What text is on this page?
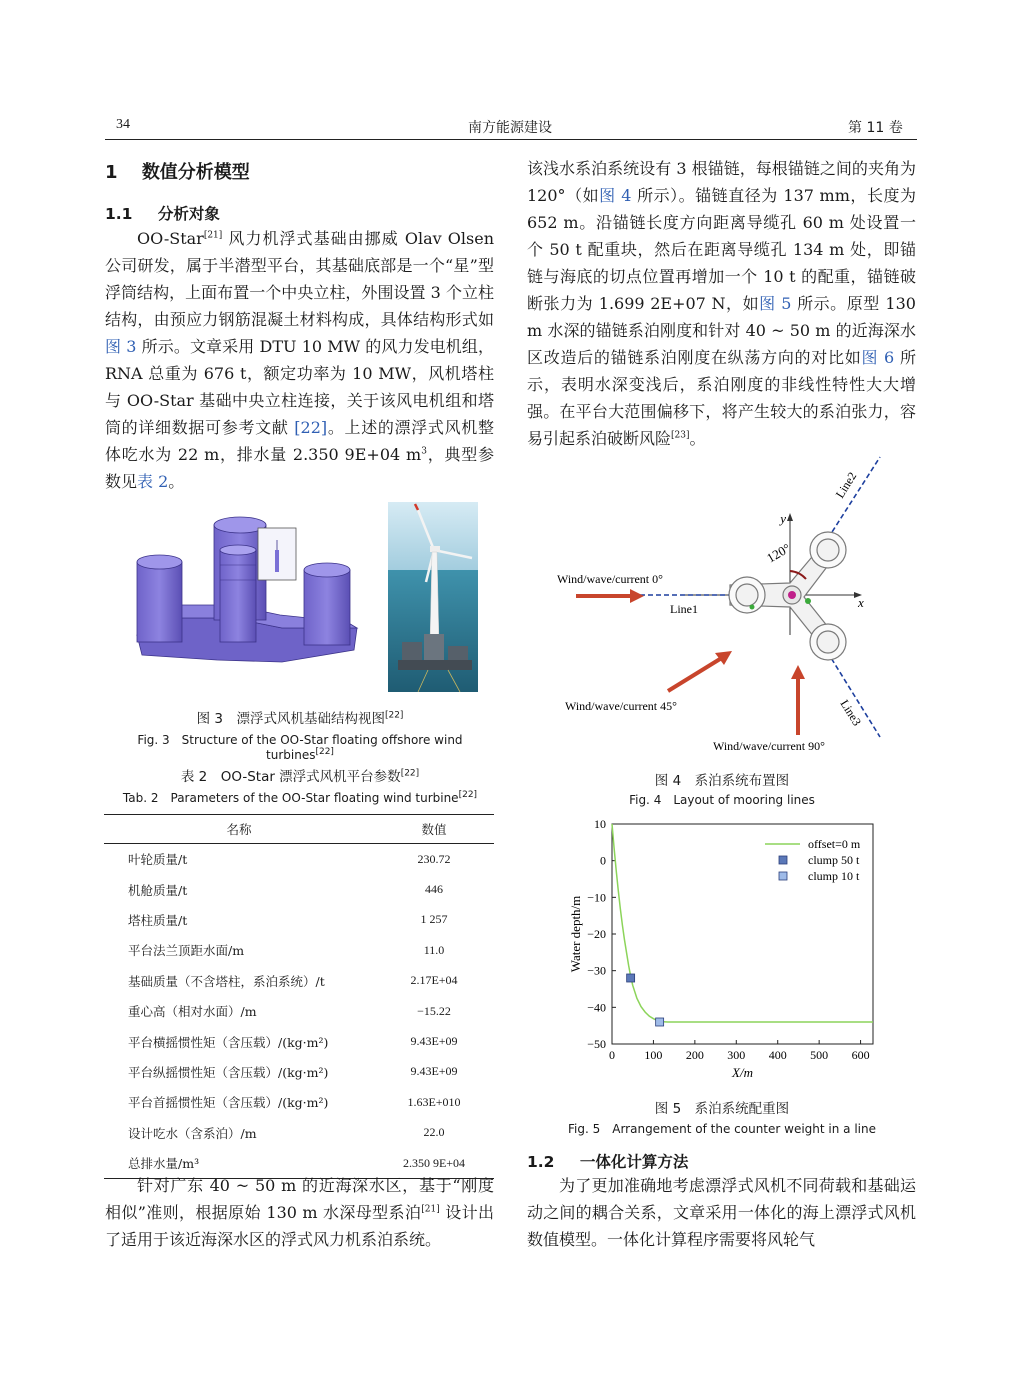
34	南方能源建设	第 11 卷
1 数值分析模型
1.1 分析对象

OO-Star[21] 风力机浮式基础由挪威 Olav Olsen 公司研发，属于半潜型平台，其基础底部是一个“星”型浮筒结构，上面布置一个中央立柱，外围设置 3 个立柱结构，由预应力钢筋混凝土材料构成，具体结构形式如图 3 所示。文章采用 DTU 10 MW 的风力发电机组，RNA 总重为 676 t，额定功率为 10 MW，风机塔柱与 OO-Star 基础中央立柱连接，关于该风电机组和塔筒的详细数据可参考文献 [22]。上述的漂浮式风机整体吃水为 22 m，排水量 2.350 9E+04 $m^3$，典型参数见表 2。

图 3　漂浮式风机基础结构视图[22]
Fig. 3　Structure of the OO-Star floating offshore wind turbines[22]
表 2　OO-Star 漂浮式风机平台参数[22]
Tab. 2　Parameters of the OO-Star floating wind turbine[22]
名称	数值
叶轮质量/t	230.72
机舱质量/t	446
塔柱质量/t	1 257
平台法兰顶距水面/m	11.0
基础质量（不含塔柱，系泊系统）/t	2.17E+04
重心高（相对水面）/m	−15.22
平台横摇惯性矩（含压载）/(kg·m²)	9.43E+09
平台纵摇惯性矩（含压载）/(kg·m²)	9.43E+09
平台首摇惯性矩（含压载）/(kg·m²)	1.63E+010
设计吃水（含系泊）/m	22.0
总排水量/m³	2.350 9E+04

针对广东 40 ~ 50 m 的近海深水区，基于“刚度相似”准则，根据原始 130 m 水深母型系泊[21] 设计出了适用于该近海深水区的浮式风力机系泊系统。

该浅水系泊系统设有 3 根锚链，每根锚链之间的夹角为 120°（如图 4 所示）。锚链直径为 137 mm，长度为 652 m。沿锚链长度方向距离导缆孔 60 m 处设置一个 50 t 配重块，然后在距离导缆孔 134 m 处，即锚链与海底的切点位置再增加一个 10 t 的配重，锚链破断张力为 1.699 2E+07 N，如图 5 所示。原型 130 m 水深的锚链系泊刚度和针对 40 ~ 50 m 的近海深水区改造后的锚链系泊刚度在纵荡方向的对比如图 6 所示，表明水深变浅后，系泊刚度的非线性特性大大增强。在平台大范围偏移下，将产生较大的系泊张力，容易引起系泊破断风险[23]。

y
x
120°
Line1
Line2
Line3
Wind/wave/current 0°
Wind/wave/current 45°
Wind/wave/current 90°
图 4　系泊系统布置图
Fig. 4　Layout of mooring lines
0 100 200 300 400 500 600
10
0
−10
−20
−30
−40
−50
X/m
Water depth/m
offset=0 m
clump 50 t
clump 10 t
图 5　系泊系统配重图
Fig. 5　Arrangement of the counter weight in a line
1.2 一体化计算方法

为了更加准确地考虑漂浮式风机不同荷载和基础运动之间的耦合关系，文章采用一体化的海上漂浮式风机数值模型。一体化计算程序需要将风轮气
